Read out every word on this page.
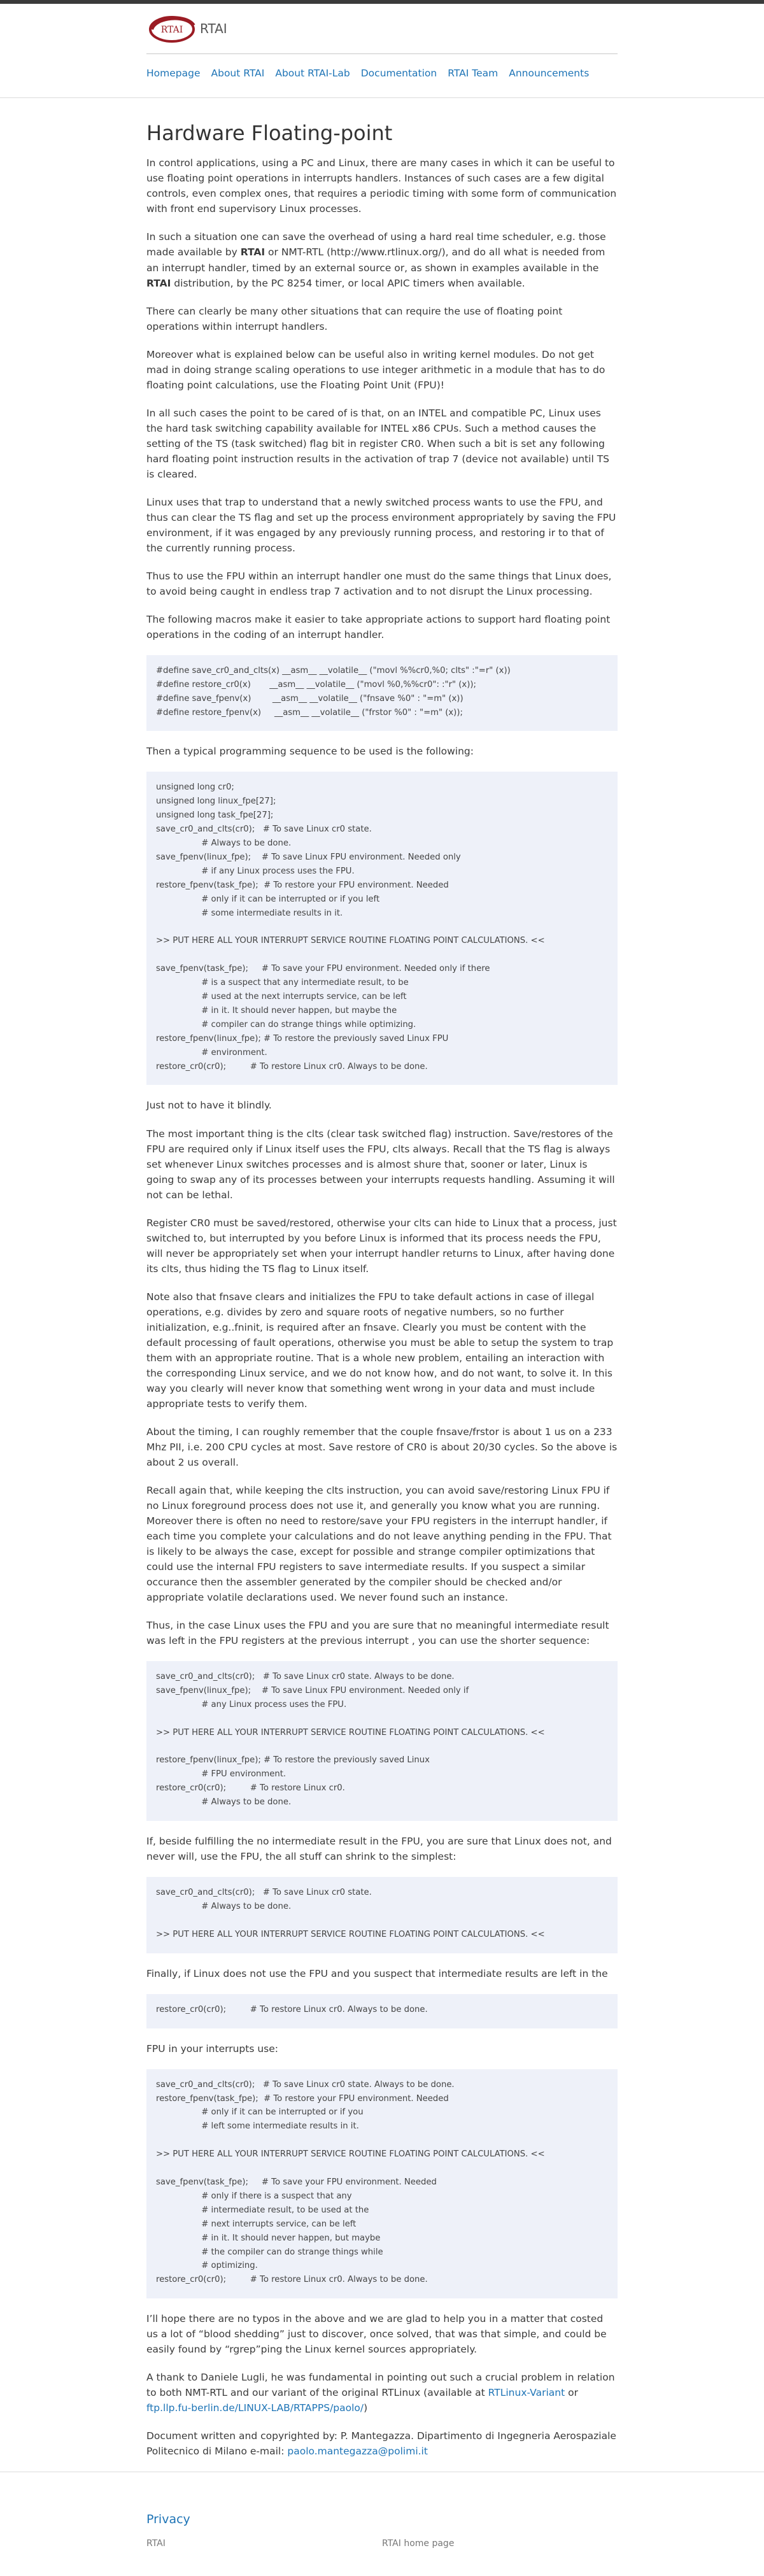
RTAI RTAI
Homepage About RTAI About RTAI-Lab Documentation RTAI Team Announcements
Hardware Floating-point

In control applications, using a PC and Linux, there are many cases in which it can be useful to use floating point operations in interrupts handlers. Instances of such cases are a few digital controls, even complex ones, that requires a periodic timing with some form of communication with front end supervisory Linux processes.

In such a situation one can save the overhead of using a hard real time scheduler, e.g. those made available by RTAI or NMT-RTL (http://www.rtlinux.org/), and do all what is needed from an interrupt handler, timed by an external source or, as shown in examples available in the RTAI distribution, by the PC 8254 timer, or local APIC timers when available.

There can clearly be many other situations that can require the use of floating point operations within interrupt handlers.

Moreover what is explained below can be useful also in writing kernel modules. Do not get mad in doing strange scaling operations to use integer arithmetic in a module that has to do floating point calculations, use the Floating Point Unit (FPU)!

In all such cases the point to be cared of is that, on an INTEL and compatible PC, Linux uses the hard task switching capability available for INTEL x86 CPUs. Such a method causes the setting of the TS (task switched) flag bit in register CR0. When such a bit is set any following hard floating point instruction results in the activation of trap 7 (device not available) until TS is cleared.

Linux uses that trap to understand that a newly switched process wants to use the FPU, and thus can clear the TS flag and set up the process environment appropriately by saving the FPU environment, if it was engaged by any previously running process, and restoring ir to that of the currently running process.

Thus to use the FPU within an interrupt handler one must do the same things that Linux does, to avoid being caught in endless trap 7 activation and to not disrupt the Linux processing.

The following macros make it easier to take appropriate actions to support hard floating point operations in the coding of an interrupt handler.

#define save_cr0_and_clts(x) __asm__ __volatile__ ("movl %%cr0,%0; clts" :"=r" (x))
#define restore_cr0(x)       __asm__ __volatile__ ("movl %0,%%cr0": :"r" (x));
#define save_fpenv(x)        __asm__ __volatile__ ("fnsave %0" : "=m" (x))
#define restore_fpenv(x)     __asm__ __volatile__ ("frstor %0" : "=m" (x));

Then a typical programming sequence to be used is the following:

unsigned long cr0;
unsigned long linux_fpe[27];
unsigned long task_fpe[27];
save_cr0_and_clts(cr0);   # To save Linux cr0 state.
# Always to be done.
save_fpenv(linux_fpe);    # To save Linux FPU environment. Needed only
# if any Linux process uses the FPU.
restore_fpenv(task_fpe);  # To restore your FPU environment. Needed
# only if it can be interrupted or if you left
# some intermediate results in it.

>> PUT HERE ALL YOUR INTERRUPT SERVICE ROUTINE FLOATING POINT CALCULATIONS. <<

save_fpenv(task_fpe);     # To save your FPU environment. Needed only if there
# is a suspect that any intermediate result, to be
# used at the next interrupts service, can be left
# in it. It should never happen, but maybe the
# compiler can do strange things while optimizing.
restore_fpenv(linux_fpe); # To restore the previously saved Linux FPU
# environment.
restore_cr0(cr0);         # To restore Linux cr0. Always to be done.

Just not to have it blindly.

The most important thing is the clts (clear task switched flag) instruction. Save/restores of the FPU are required only if Linux itself uses the FPU, clts always. Recall that the TS flag is always set whenever Linux switches processes and is almost shure that, sooner or later, Linux is going to swap any of its processes between your interrupts requests handling. Assuming it will not can be lethal.

Register CR0 must be saved/restored, otherwise your clts can hide to Linux that a process, just switched to, but interrupted by you before Linux is informed that its process needs the FPU, will never be appropriately set when your interrupt handler returns to Linux, after having done its clts, thus hiding the TS flag to Linux itself.

Note also that fnsave clears and initializes the FPU to take default actions in case of illegal operations, e.g. divides by zero and square roots of negative numbers, so no further initialization, e.g..fninit, is required after an fnsave. Clearly you must be content with the default processing of fault operations, otherwise you must be able to setup the system to trap them with an appropriate routine. That is a whole new problem, entailing an interaction with the corresponding Linux service, and we do not know how, and do not want, to solve it. In this way you clearly will never know that something went wrong in your data and must include appropriate tests to verify them.

About the timing, I can roughly remember that the couple fnsave/frstor is about 1 us on a 233 Mhz PII, i.e. 200 CPU cycles at most. Save restore of CR0 is about 20/30 cycles. So the above is about 2 us overall.

Recall again that, while keeping the clts instruction, you can avoid save/restoring Linux FPU if no Linux foreground process does not use it, and generally you know what you are running. Moreover there is often no need to restore/save your FPU registers in the interrupt handler, if each time you complete your calculations and do not leave anything pending in the FPU. That is likely to be always the case, except for possible and strange compiler optimizations that could use the internal FPU registers to save intermediate results. If you suspect a similar occurance then the assembler generated by the compiler should be checked and/or appropriate volatile declarations used. We never found such an instance.

Thus, in the case Linux uses the FPU and you are sure that no meaningful intermediate result was left in the FPU registers at the previous interrupt , you can use the shorter sequence:

save_cr0_and_clts(cr0);   # To save Linux cr0 state. Always to be done.
save_fpenv(linux_fpe);    # To save Linux FPU environment. Needed only if
# any Linux process uses the FPU.

>> PUT HERE ALL YOUR INTERRUPT SERVICE ROUTINE FLOATING POINT CALCULATIONS. <<

restore_fpenv(linux_fpe); # To restore the previously saved Linux
# FPU environment.
restore_cr0(cr0);         # To restore Linux cr0.
# Always to be done.

If, beside fulfilling the no intermediate result in the FPU, you are sure that Linux does not, and never will, use the FPU, the all stuff can shrink to the simplest:

save_cr0_and_clts(cr0);   # To save Linux cr0 state.
# Always to be done.

>> PUT HERE ALL YOUR INTERRUPT SERVICE ROUTINE FLOATING POINT CALCULATIONS. <<

Finally, if Linux does not use the FPU and you suspect that intermediate results are left in the

restore_cr0(cr0);         # To restore Linux cr0. Always to be done.

FPU in your interrupts use:

save_cr0_and_clts(cr0);   # To save Linux cr0 state. Always to be done.
restore_fpenv(task_fpe);  # To restore your FPU environment. Needed
# only if it can be interrupted or if you
# left some intermediate results in it.

>> PUT HERE ALL YOUR INTERRUPT SERVICE ROUTINE FLOATING POINT CALCULATIONS. <<

save_fpenv(task_fpe);     # To save your FPU environment. Needed
# only if there is a suspect that any
# intermediate result, to be used at the
# next interrupts service, can be left
# in it. It should never happen, but maybe
# the compiler can do strange things while
# optimizing.
restore_cr0(cr0);         # To restore Linux cr0. Always to be done.

I’ll hope there are no typos in the above and we are glad to help you in a matter that costed us a lot of “blood shedding” just to discover, once solved, that was that simple, and could be easily found by “rgrep”ping the Linux kernel sources appropriately.

A thank to Daniele Lugli, he was fundamental in pointing out such a crucial problem in relation to both NMT-RTL and our variant of the original RTLinux (available at RTLinux-Variant or ftp.llp.fu-berlin.de/LINUX-LAB/RTAPPS/paolo/)

Document written and copyrighted by: P. Mantegazza. Dipartimento di Ingegneria Aerospaziale Politecnico di Milano e-mail: paolo.mantegazza@polimi.it

Privacy
RTAI	RTAI home page
